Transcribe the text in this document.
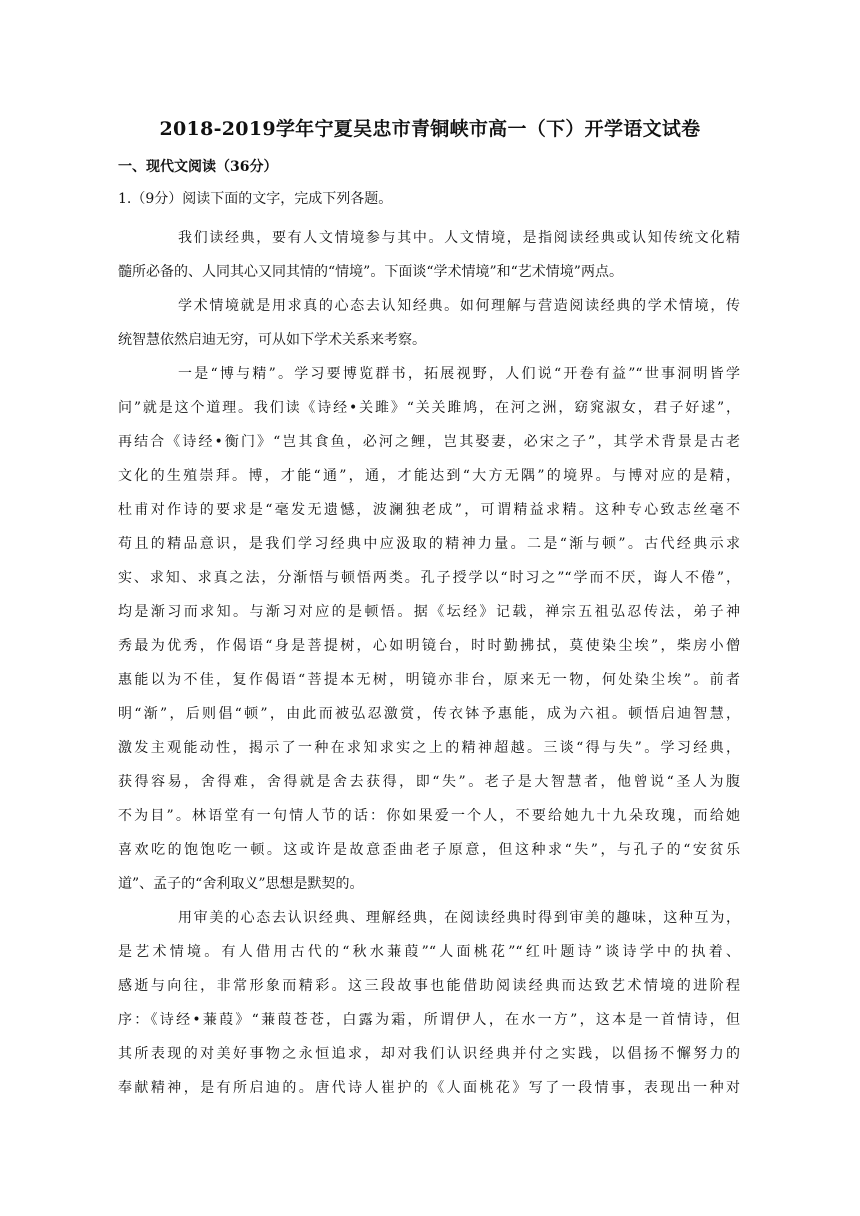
2018-2019学年宁夏吴忠市青铜峡市高一（下）开学语文试卷
一、现代文阅读（36分）
1.（9分）阅读下面的文字，完成下列各题。
我们读经典，要有人文情境参与其中。人文情境，是指阅读经典或认知传统文化精
髓所必备的、人同其心又同其情的“情境”。下面谈“学术情境”和“艺术情境”两点。
学术情境就是用求真的心态去认知经典。如何理解与营造阅读经典的学术情境，传
统智慧依然启迪无穷，可从如下学术关系来考察。
一是“博与精”。学习要博览群书，拓展视野，人们说“开卷有益”“世事洞明皆学
问”就是这个道理。我们读《诗经•关雎》“关关雎鸠，在河之洲，窈窕淑女，君子好逑”，
再结合《诗经•衡门》“岂其食鱼，必河之鲤，岂其娶妻，必宋之子”，其学术背景是古老
文化的生殖崇拜。博，才能“通”，通，才能达到“大方无隅”的境界。与博对应的是精，
杜甫对作诗的要求是“毫发无遗憾，波澜独老成”，可谓精益求精。这种专心致志丝毫不
苟且的精品意识，是我们学习经典中应汲取的精神力量。二是“渐与顿”。古代经典示求
实、求知、求真之法，分渐悟与顿悟两类。孔子授学以“时习之”“学而不厌，诲人不倦”，
均是渐习而求知。与渐习对应的是顿悟。据《坛经》记载，禅宗五祖弘忍传法，弟子神
秀最为优秀，作偈语“身是菩提树，心如明镜台，时时勤拂拭，莫使染尘埃”，柴房小僧
惠能以为不佳，复作偈语“菩提本无树，明镜亦非台，原来无一物，何处染尘埃”。前者
明“渐”，后则倡“顿”，由此而被弘忍激赏，传衣钵予惠能，成为六祖。顿悟启迪智慧，
激发主观能动性，揭示了一种在求知求实之上的精神超越。三谈“得与失”。学习经典，
获得容易，舍得难，舍得就是舍去获得，即“失”。老子是大智慧者，他曾说“圣人为腹
不为目”。林语堂有一句情人节的话：你如果爱一个人，不要给她九十九朵玫瑰，而给她
喜欢吃的饱饱吃一顿。这或许是故意歪曲老子原意，但这种求“失”，与孔子的“安贫乐
道”、孟子的“舍利取义”思想是默契的。
用审美的心态去认识经典、理解经典，在阅读经典时得到审美的趣味，这种互为，
是艺术情境。有人借用古代的“秋水蒹葭”“人面桃花”“红叶题诗”谈诗学中的执着、
感逝与向往，非常形象而精彩。这三段故事也能借助阅读经典而达致艺术情境的进阶程
序：《诗经•蒹葭》“蒹葭苍苍，白露为霜，所谓伊人，在水一方”，这本是一首情诗，但
其所表现的对美好事物之永恒追求，却对我们认识经典并付之实践，以倡扬不懈努力的
奉献精神，是有所启迪的。唐代诗人崔护的《人面桃花》写了一段情事，表现出一种对
